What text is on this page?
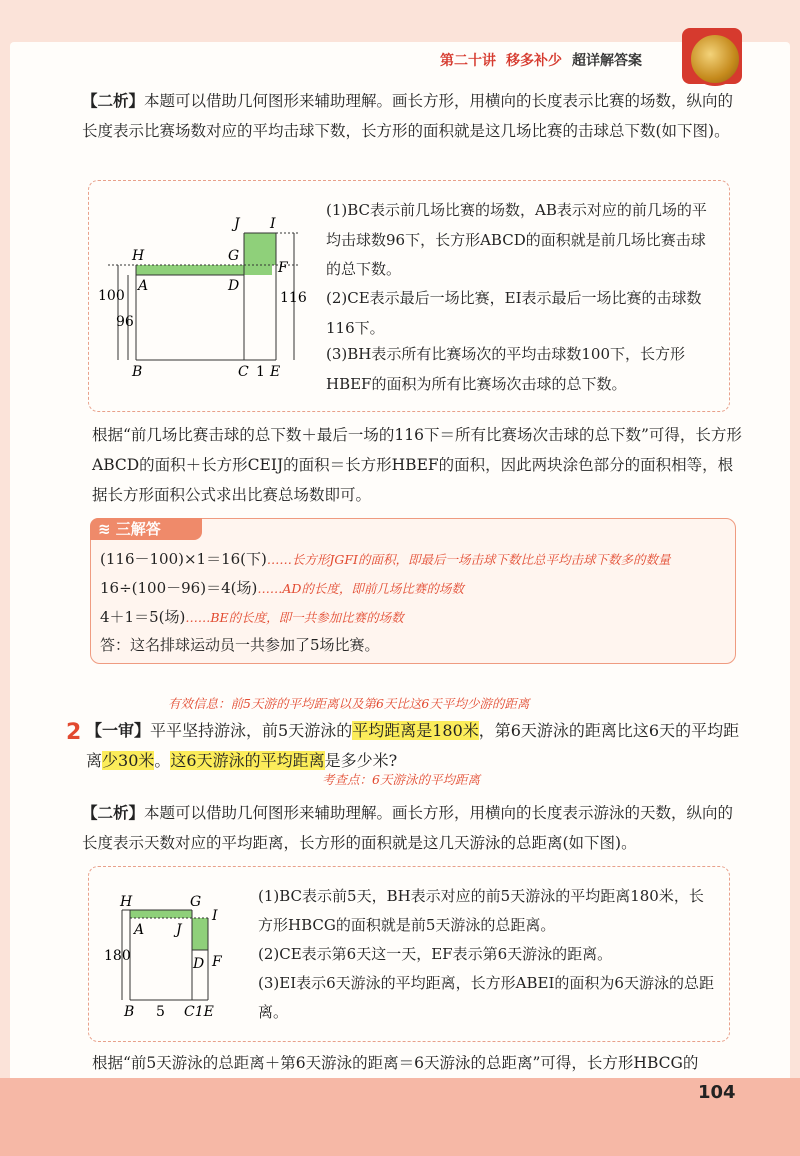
第二十讲 移多补少 超详解答案

【二析】本题可以借助几何图形来辅助理解。画长方形，用横向的长度表示比赛的场数，纵向的长度表示比赛场数对应的平均击球下数，长方形的面积就是这几场比赛的击球总下数(如下图)。

J I
H	G
F
A	D
B	C 1 E
100
96
116

(1)BC表示前几场比赛的场数，AB表示对应的前几场的平均击球数96下，长方形ABCD的面积就是前几场比赛击球的总下数。

(2)CE表示最后一场比赛，EI表示最后一场比赛的击球数116下。

(3)BH表示所有比赛场次的平均击球数100下，长方形HBEF的面积为所有比赛场次击球的总下数。

根据“前几场比赛击球的总下数＋最后一场的116下＝所有比赛场次击球的总下数”可得，长方形ABCD的面积＋长方形CEIJ的面积＝长方形HBEF的面积，因此两块涂色部分的面积相等，根据长方形面积公式求出比赛总场数即可。

≋ 三解答
(116－100)×1＝16(下)……长方形JGFI的面积，即最后一场击球下数比总平均击球下数多的数量
16÷(100－96)＝4(场)……AD的长度，即前几场比赛的场数
4＋1＝5(场)……BE的长度，即一共参加比赛的场数
答：这名排球运动员一共参加了5场比赛。
有效信息：前5天游的平均距离以及第6天比这6天平均少游的距离
2 【一审】平平坚持游泳，前5天游泳的平均距离是180米，第6天游泳的距离比这6天的平均距离少30米。这6天游泳的平均距离是多少米?

考查点：6天游泳的平均距离

【二析】本题可以借助几何图形来辅助理解。画长方形，用横向的长度表示游泳的天数，纵向的长度表示天数对应的平均距离，长方形的面积就是这几天游泳的总距离(如下图)。

H	G
I
A J
D F
180
B 5 C1E

(1)BC表示前5天，BH表示对应的前5天游泳的平均距离180米，长方形HBCG的面积就是前5天游泳的总距离。

(2)CE表示第6天这一天，EF表示第6天游泳的距离。

(3)EI表示6天游泳的平均距离，长方形ABEI的面积为6天游泳的总距离。

根据“前5天游泳的总距离＋第6天游泳的距离＝6天游泳的总距离”可得，长方形HBCG的

104
